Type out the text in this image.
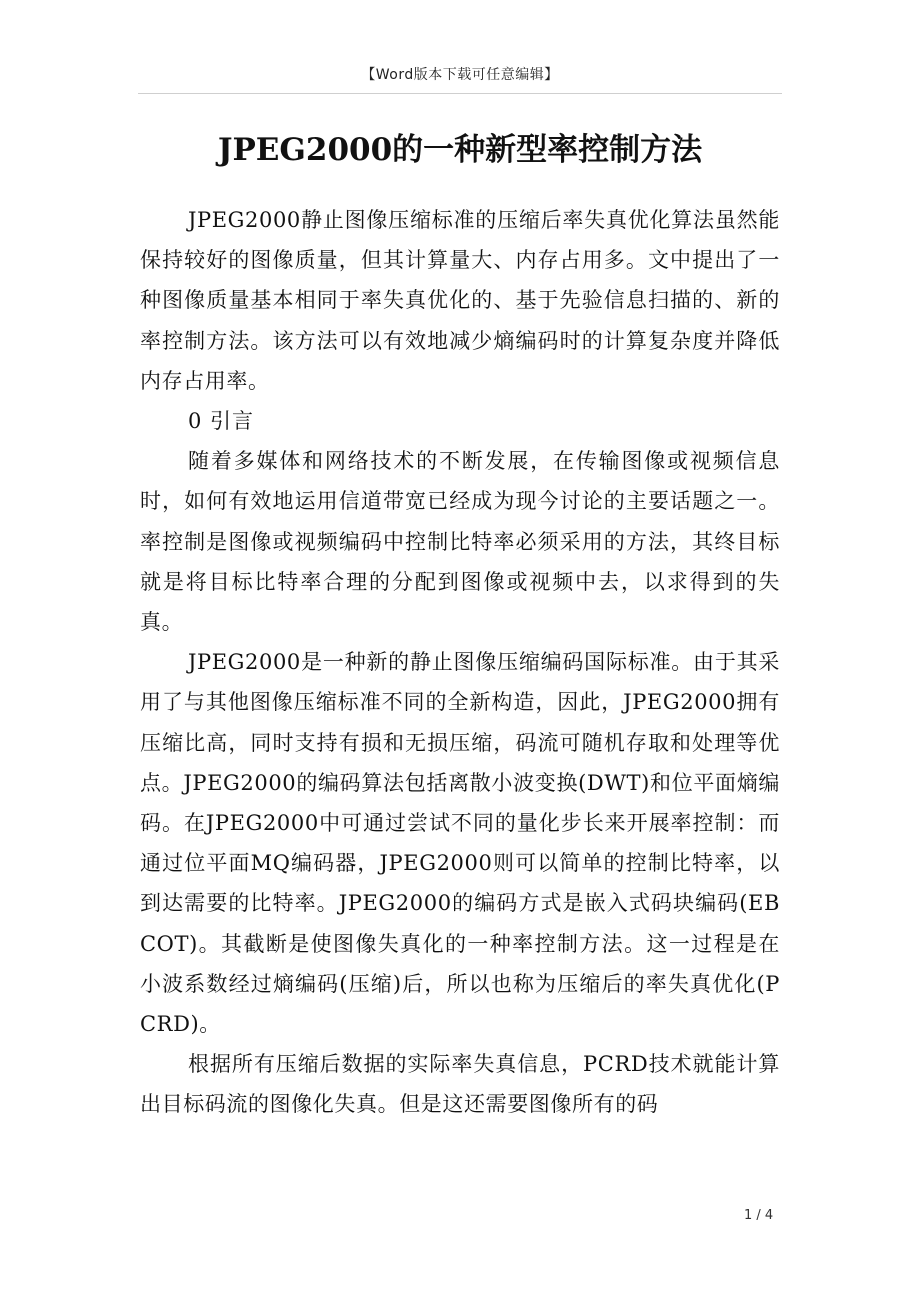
【Word版本下载可任意编辑】
JPEG2000的一种新型率控制方法

JPEG2000静止图像压缩标准的压缩后率失真优化算法虽然能保持较好的图像质量，但其计算量大、内存占用多。文中提出了一种图像质量基本相同于率失真优化的、基于先验信息扫描的、新的率控制方法。该方法可以有效地减少熵编码时的计算复杂度并降低内存占用率。

0 引言

随着多媒体和网络技术的不断发展，在传输图像或视频信息时，如何有效地运用信道带宽已经成为现今讨论的主要话题之一。率控制是图像或视频编码中控制比特率必须采用的方法，其终目标就是将目标比特率合理的分配到图像或视频中去，以求得到的失真。

JPEG2000是一种新的静止图像压缩编码国际标准。由于其采用了与其他图像压缩标准不同的全新构造，因此，JPEG2000拥有压缩比高，同时支持有损和无损压缩，码流可随机存取和处理等优点。JPEG2000的编码算法包括离散小波变换(DWT)和位平面熵编码。在JPEG2000中可通过尝试不同的量化步长来开展率控制：而通过位平面MQ编码器，JPEG2000则可以简单的控制比特率，以到达需要的比特率。JPEG2000的编码方式是嵌入式码块编码(EBCOT)。其截断是使图像失真化的一种率控制方法。这一过程是在小波系数经过熵编码(压缩)后，所以也称为压缩后的率失真优化(PCRD)。

根据所有压缩后数据的实际率失真信息，PCRD技术就能计算出目标码流的图像化失真。但是这还需要图像所有的码

1 / 4
